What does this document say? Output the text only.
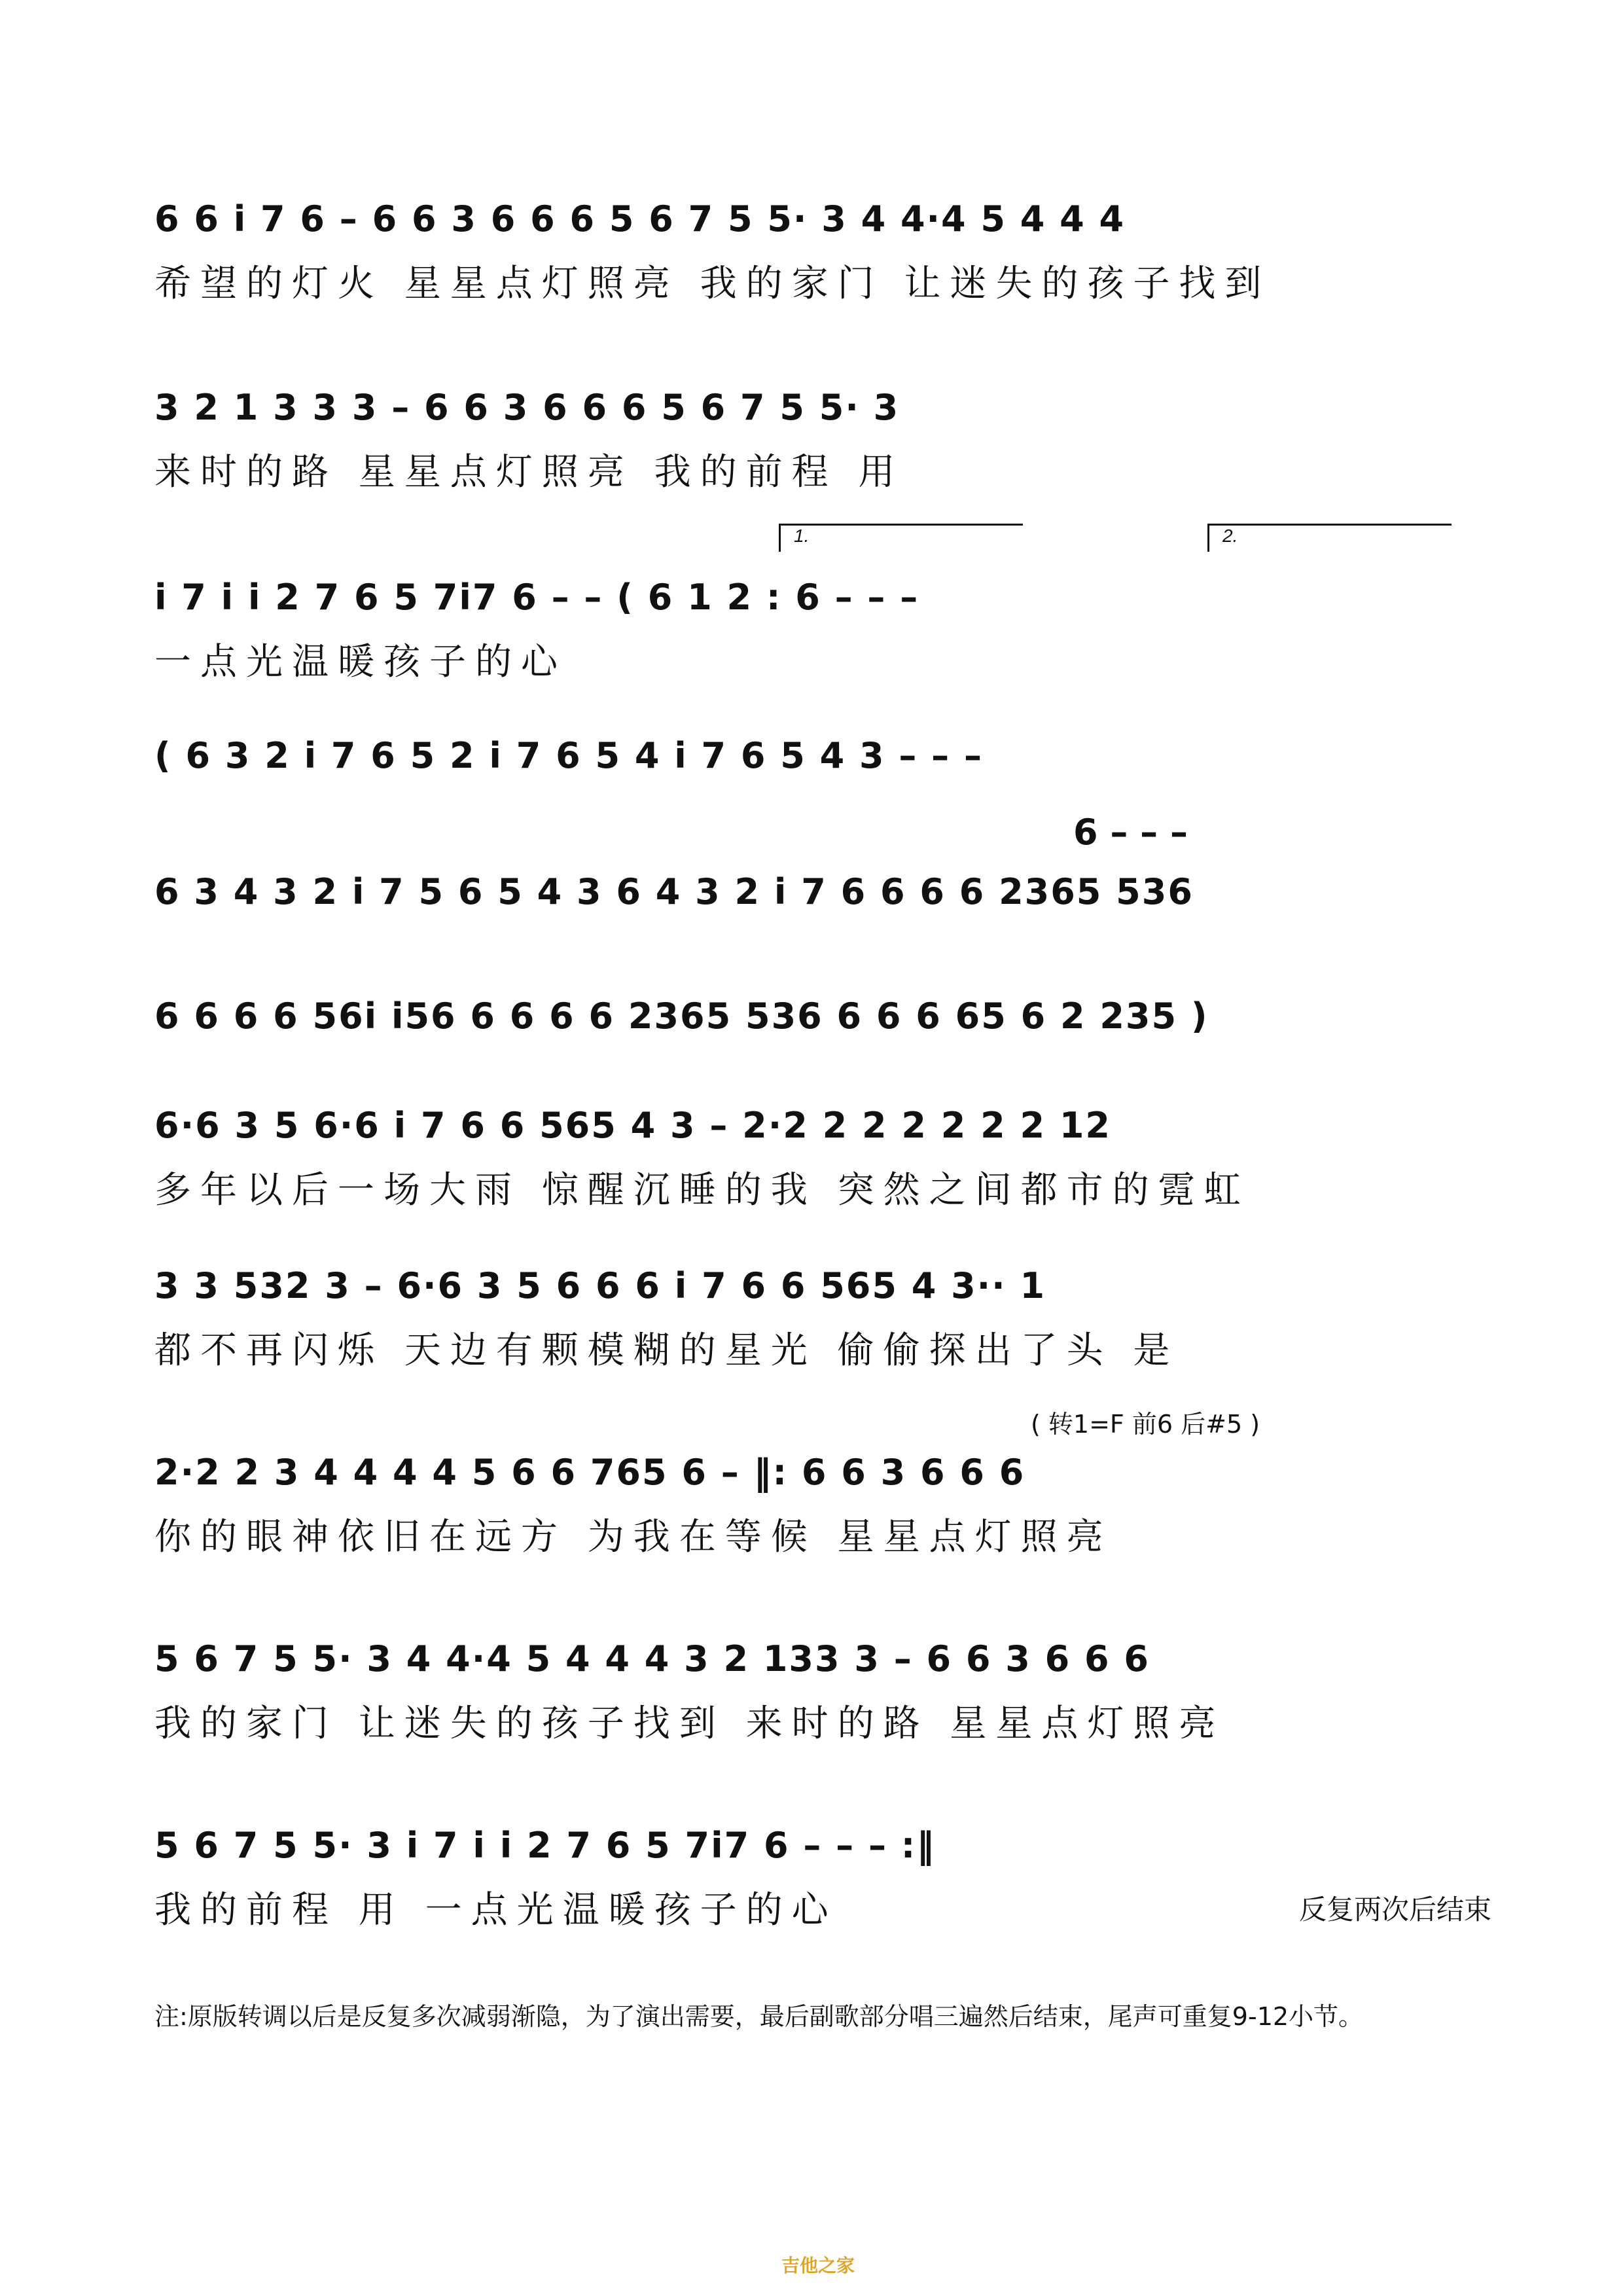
6 6 i 7 6 – 6 6 3 6 6 6 5 6 7 5 5· 3 4 4·4 5 4 4 4
希望的灯火 星星点灯照亮 我的家门 让迷失的孩子找到
3 2 1 3 3 3 – 6 6 3 6 6 6 5 6 7 5 5· 3
来时的路 星星点灯照亮 我的前程 用
1.	2.
i 7 i i 2 7 6 5 7i7 6 – – ( 6 1 2 : 6 – – –
一点光温暖孩子的心
( 6 3 2 i 7 6 5 2 i 7 6 5 4 i 7 6 5 4 3 – – –
6 – – –
6 3 4 3 2 i 7 5 6 5 4 3 6 4 3 2 i 7 6 6 6 6 2365 536
6 6 6 6 56i i56 6 6 6 6 2365 536 6 6 6 65 6 2 235 )
6·6 3 5 6·6 i 7 6 6 565 4 3 – 2·2 2 2 2 2 2 2 12
多年以后一场大雨 惊醒沉睡的我 突然之间都市的霓虹
3 3 532 3 – 6·6 3 5 6 6 6 i 7 6 6 565 4 3·· 1
都不再闪烁 天边有颗模糊的星光 偷偷探出了头 是
( 转1=F 前6 后#5 )
2·2 2 3 4 4 4 4 5 6 6 765 6 – ‖: 6 6 3 6 6 6
你的眼神依旧在远方 为我在等候 星星点灯照亮
5 6 7 5 5· 3 4 4·4 5 4 4 4 3 2 133 3 – 6 6 3 6 6 6
我的家门 让迷失的孩子找到 来时的路 星星点灯照亮
5 6 7 5 5· 3 i 7 i i 2 7 6 5 7i7 6 – – – :‖
我的前程 用 一点光温暖孩子的心	反复两次后结束
注:原版转调以后是反复多次减弱渐隐，为了演出需要，最后副歌部分唱三遍然后结束，尾声可重复9-12小节。
吉他之家
